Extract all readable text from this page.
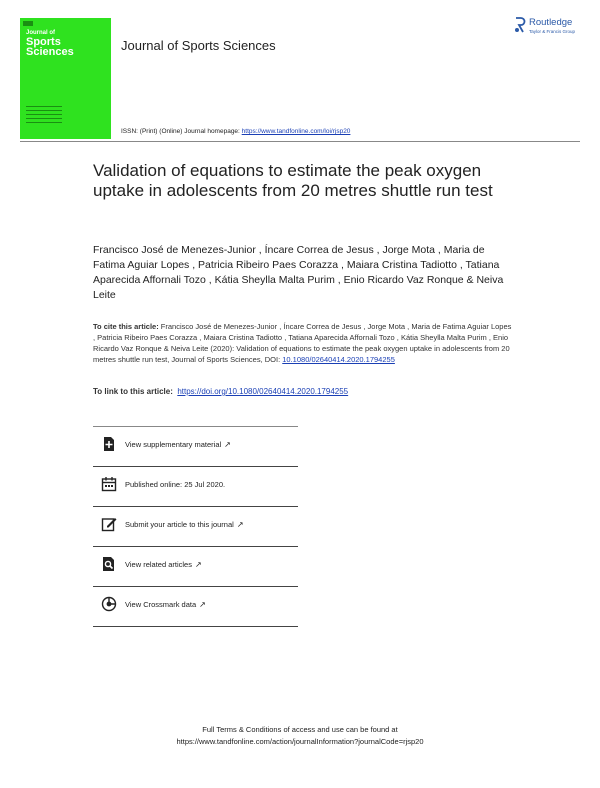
Journal of
Sports
Sciences	Journal of Sports Sciences
Routledge
Taylor & Francis Group
ISSN: (Print) (Online) Journal homepage: https://www.tandfonline.com/loi/rjsp20
Validation of equations to estimate the peak oxygen uptake in adolescents from 20 metres shuttle run test
Francisco José de Menezes-Junior , Íncare Correa de Jesus , Jorge Mota , Maria de Fatima Aguiar Lopes , Patricia Ribeiro Paes Corazza , Maiara Cristina Tadiotto , Tatiana Aparecida Affornali Tozo , Kátia Sheylla Malta Purim , Enio Ricardo Vaz Ronque & Neiva Leite
To cite this article: Francisco José de Menezes-Junior , Íncare Correa de Jesus , Jorge Mota , Maria de Fatima Aguiar Lopes , Patricia Ribeiro Paes Corazza , Maiara Cristina Tadiotto , Tatiana Aparecida Affornali Tozo , Kátia Sheylla Malta Purim , Enio Ricardo Vaz Ronque & Neiva Leite (2020): Validation of equations to estimate the peak oxygen uptake in adolescents from 20 metres shuttle run test, Journal of Sports Sciences, DOI: 10.1080/02640414.2020.1794255
To link to this article: https://doi.org/10.1080/02640414.2020.1794255
View supplementary material ↗
Published online: 25 Jul 2020.
Submit your article to this journal ↗
View related articles ↗
View Crossmark data ↗
Full Terms & Conditions of access and use can be found at
https://www.tandfonline.com/action/journalInformation?journalCode=rjsp20
